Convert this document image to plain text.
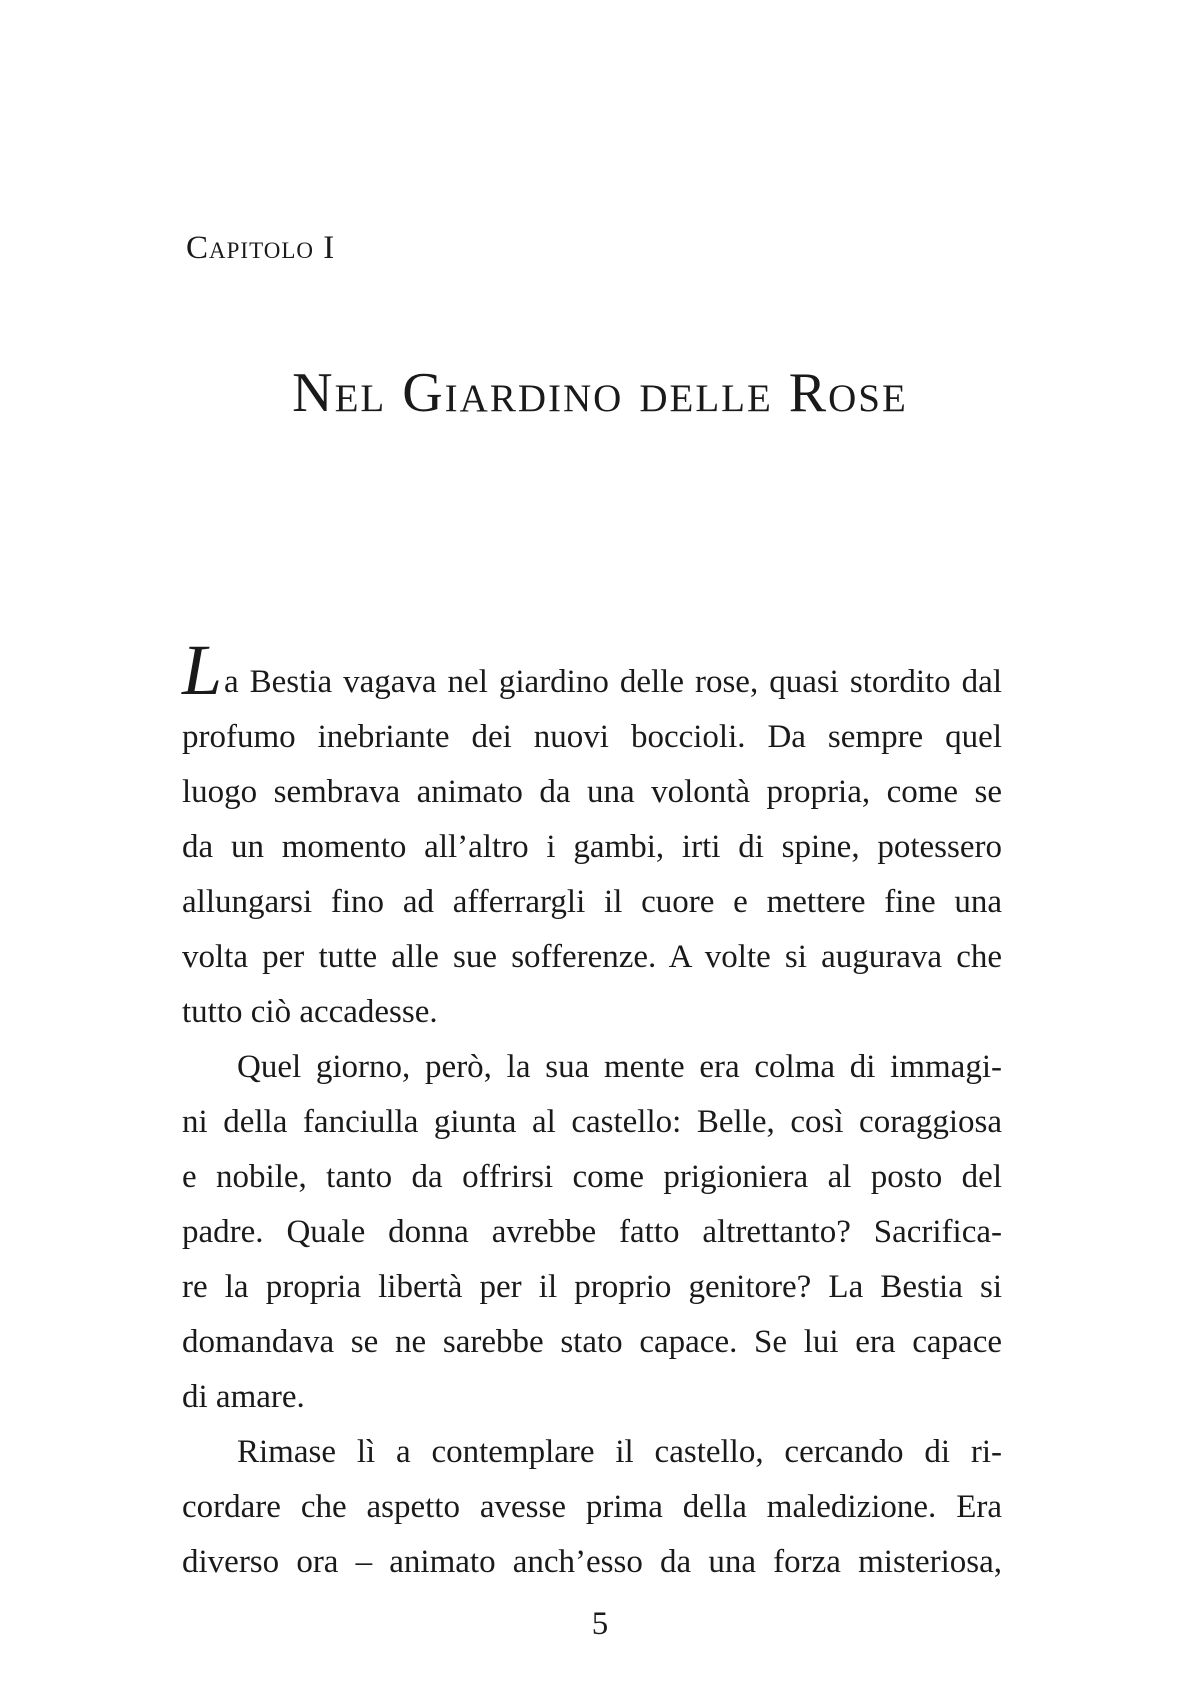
Capitolo I
Nel Giardino delle Rose
L a Bestia vagava nel giardino delle rose, quasi stordito dal
profumo inebriante dei nuovi boccioli. Da sempre quel
luogo sembrava animato da una volontà propria, come se
da un momento all’altro i gambi, irti di spine, potessero
allungarsi fino ad afferrargli il cuore e mettere fine una
volta per tutte alle sue sofferenze. A volte si augurava che
tutto ciò accadesse.
Quel giorno, però, la sua mente era colma di immagi-
ni della fanciulla giunta al castello: Belle, così coraggiosa
e nobile, tanto da offrirsi come prigioniera al posto del
padre. Quale donna avrebbe fatto altrettanto? Sacrifica-
re la propria libertà per il proprio genitore? La Bestia si
domandava se ne sarebbe stato capace. Se lui era capace
di amare.
Rimase lì a contemplare il castello, cercando di ri-
cordare che aspetto avesse prima della maledizione. Era
diverso ora – animato anch’esso da una forza misteriosa,
5
